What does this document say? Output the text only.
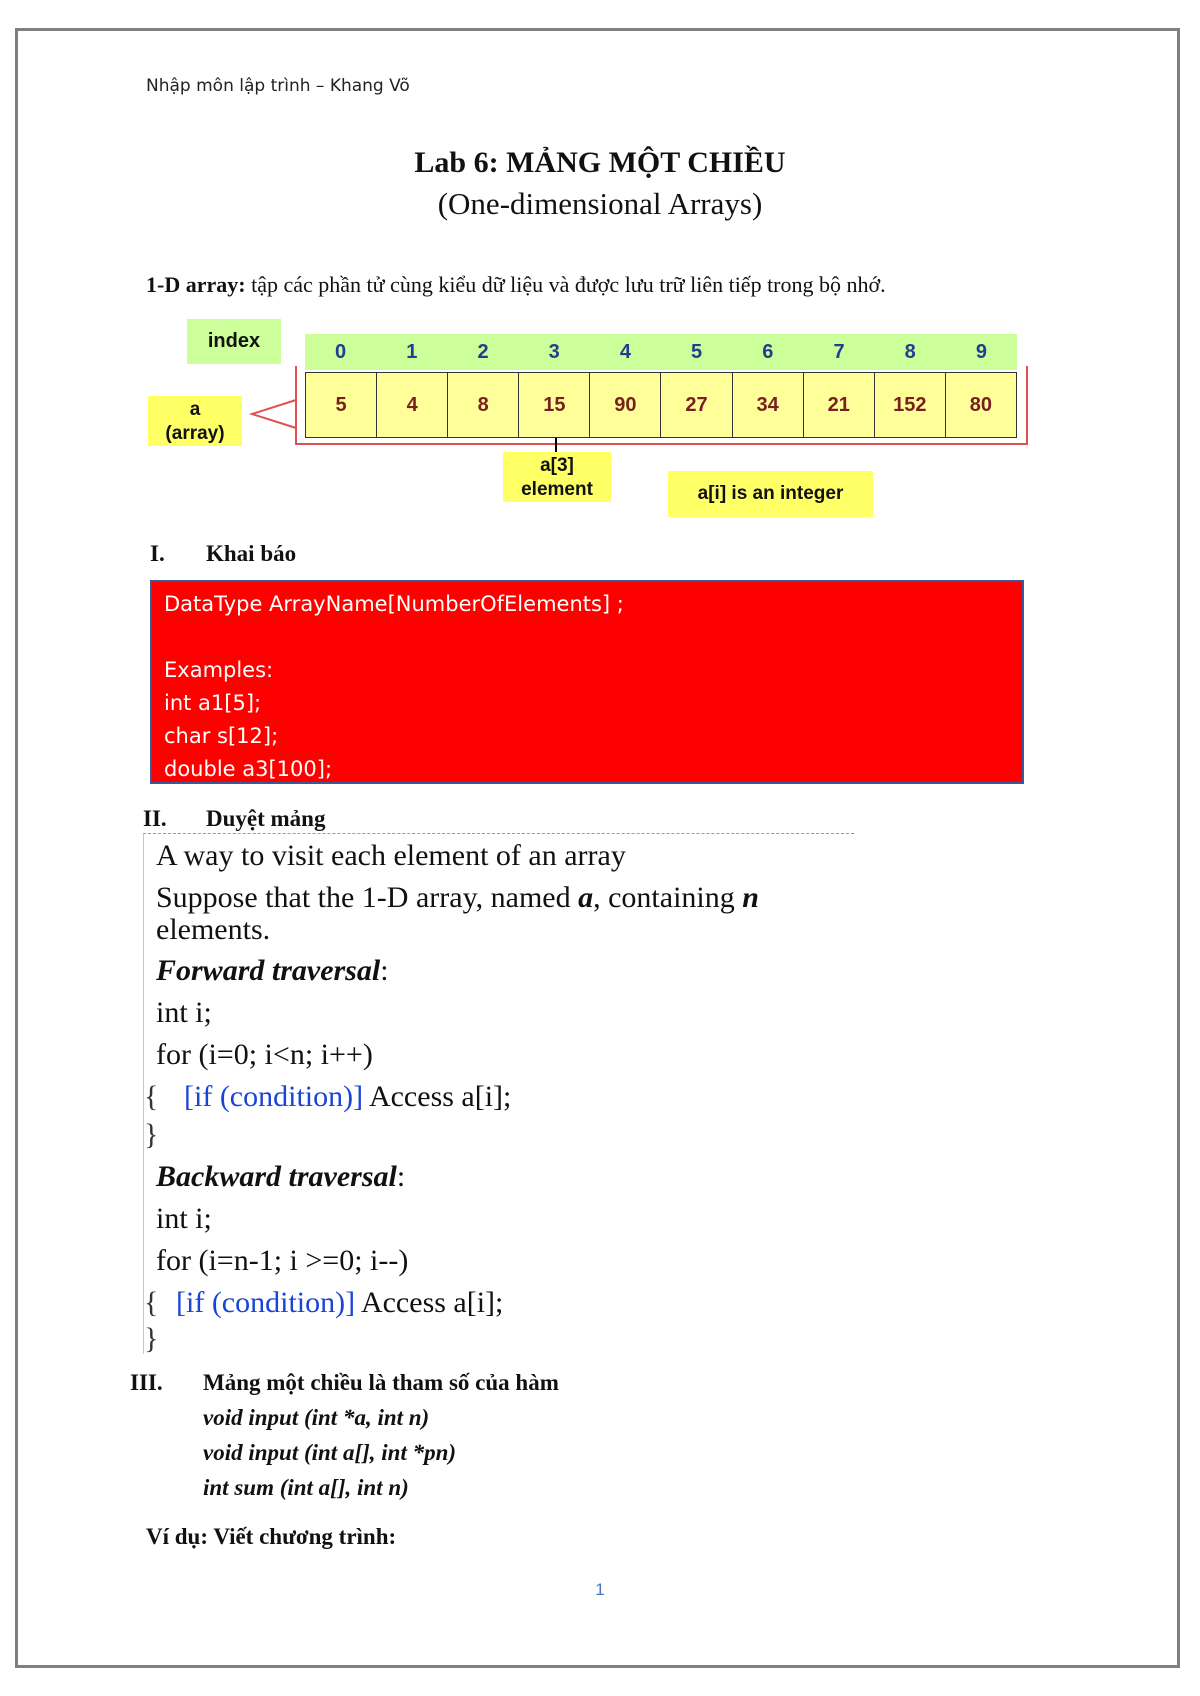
Nhập môn lập trình – Khang Võ
Lab 6: MẢNG MỘT CHIỀU
(One-dimensional Arrays)
1-D array: tập các phần tử cùng kiểu dữ liệu và được lưu trữ liên tiếp trong bộ nhớ.
index
a
(array)
0	1	2	3	4	5	6	7	8	9
5	4	8	15	90	27	34	21	152	80
a[3]
element	a[i] is an integer
I. Khai báo
DataType ArrayName[NumberOfElements] ;
Examples:
int a1[5];
char s[12];
double a3[100];
II. Duyệt mảng
A way to visit each element of an array
Suppose that the 1-D array, named a, containing n
elements.
Forward traversal:
int i;
for (i=0; i<n; i++)
{ [if (condition)] Access a[i];
}
Backward traversal:
int i;
for (i=n-1; i >=0; i--)
{ [if (condition)] Access a[i];
}
III. Mảng một chiều là tham số của hàm
void input (int *a, int n)
void input (int a[], int *pn)
int sum (int a[], int n)
Ví dụ: Viết chương trình:
1
